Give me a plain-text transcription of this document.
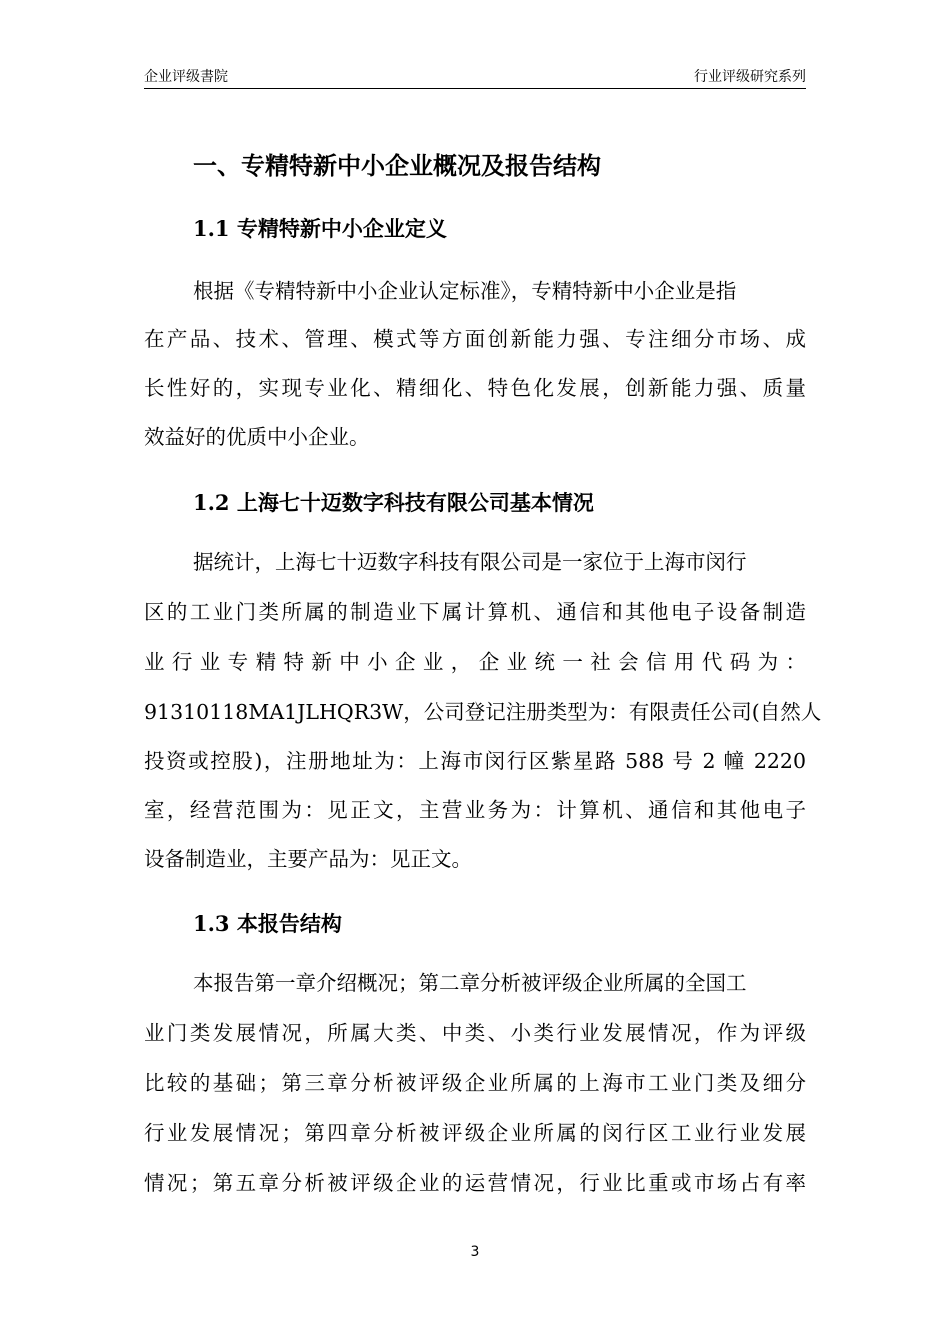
企业评级書院	行业评级研究系列
一、专精特新中小企业概况及报告结构
1.1 专精特新中小企业定义
根据《专精特新中小企业认定标准》，专精特新中小企业是指
在产品、技术、管理、模式等方面创新能力强、专注细分市场、成
长性好的，实现专业化、精细化、特色化发展，创新能力强、质量
效益好的优质中小企业。
1.2 上海七十迈数字科技有限公司基本情况
据统计，上海七十迈数字科技有限公司是一家位于上海市闵行
区的工业门类所属的制造业下属计算机、通信和其他电子设备制造
业行业专精特新中小企业，企业统一社会信用代码为：
91310118MA1JLHQR3W，公司登记注册类型为：有限责任公司(自然人
投资或控股)，注册地址为：上海市闵行区紫星路 588 号 2 幢 2220
室，经营范围为：见正文，主营业务为：计算机、通信和其他电子
设备制造业，主要产品为：见正文。
1.3 本报告结构
本报告第一章介绍概况；第二章分析被评级企业所属的全国工
业门类发展情况，所属大类、中类、小类行业发展情况，作为评级
比较的基础；第三章分析被评级企业所属的上海市工业门类及细分
行业发展情况；第四章分析被评级企业所属的闵行区工业行业发展
情况；第五章分析被评级企业的运营情况，行业比重或市场占有率
3
